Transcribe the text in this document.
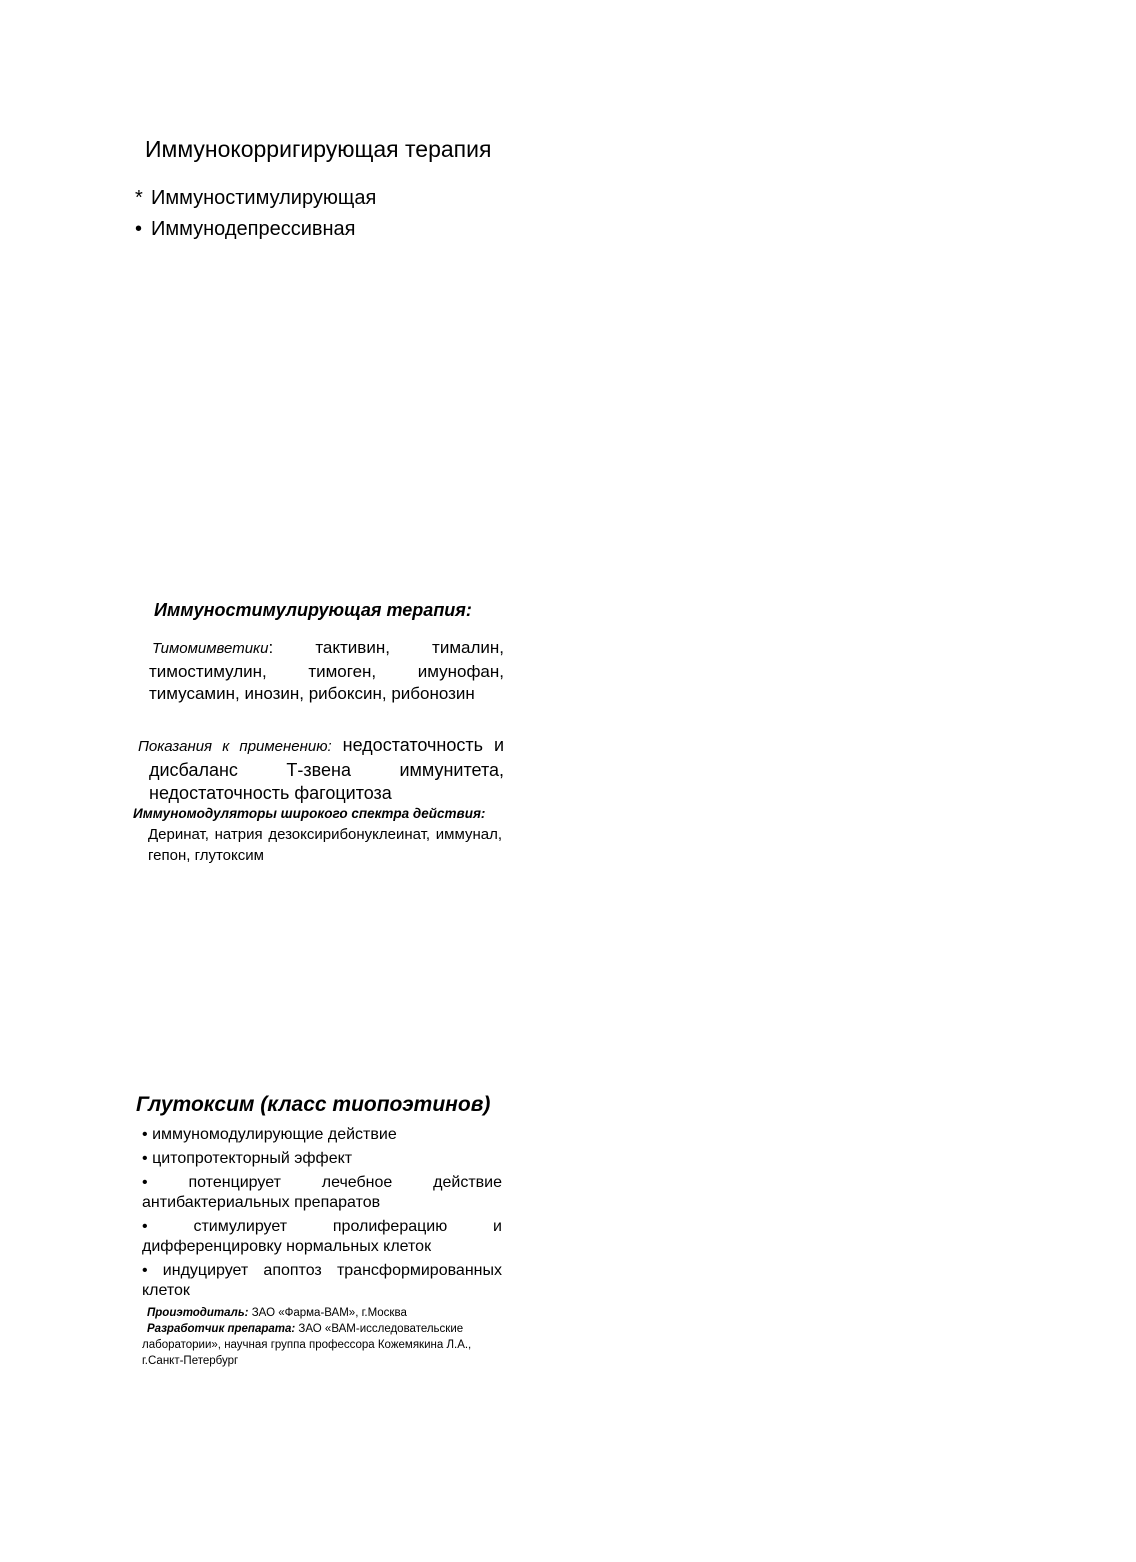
Иммунокорригирующая терапия
* Иммуностимулирующая
• Иммунодепрессивная
Иммуностимулирующая терапия:
Тимомимветики: тактивин, тималин, тимостимулин, тимоген, имунофан, тимусамин, инозин, рибоксин, рибонозин
Показания к применению: недостаточность и дисбаланс Т-звена иммунитета, недостаточность фагоцитоза
Иммуномодуляторы широкого спектра действия:
Деринат, натрия дезоксирибонуклеинат, иммунал, гепон, глутоксим
Глутоксим (класс тиопоэтинов)
• иммуномодулирующие действие
• цитопротекторный эффект
•	потенцирует лечебное действие антибактериальных препаратов
•	стимулирует пролиферацию и дифференцировку нормальных клеток
• индуцирует апоптоз трансформированных клеток

Проиэтодиталь: ЗАО «Фарма-ВАМ», г.Москва

Разработчик препарата: ЗАО «ВАМ-исследовательские лаборатории», научная группа профессора Кожемякина Л.А., г.Санкт-Петербург
